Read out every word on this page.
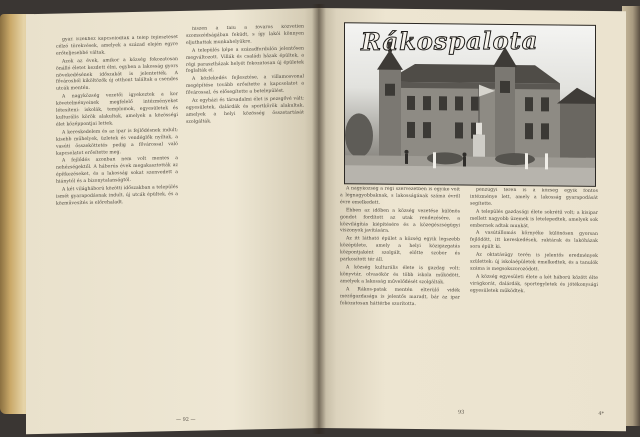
gyár. Ezekhez kapcsolódtak a telep fejlesztését célzó törekvések, amelyek a század elején egyre erőteljesebbé váltak.

Azok az évek, amikor a község fokozatosan önálló életet kezdett élni, egyben a lakosság gyors növekedésének időszakát is jelentették. A fővárosból kiköltözők új otthont találtak a csendes utcák mentén.

A nagyközség vezetői igyekeztek a kor követelményeinek megfelelő intézményeket létesíteni: iskolák, templomok, egyesületek és kulturális körök alakultak, amelyek a közösségi élet középpontjai lettek.

A kereskedelem és az ipar is fejlődésnek indult; kisebb műhelyek, üzletek és vendéglők nyíltak, a vasúti összeköttetés pedig a fővárossal való kapcsolatot erősítette meg.

A fejlődés azonban nem volt mentes a nehézségektől. A háborús évek megakasztották az építkezéseket, és a lakosság sokat szenvedett a hiánytól és a bizonytalanságtól.

A két világháború közötti időszakban a település ismét gyarapodásnak indult, új utcák épültek, és a közművesítés is előrehaladt.

hiszen a falu a főváros közvetlen szomszédságában feküdt, s így lakói könnyen eljuthattak munkahelyükre.

A település képe a századfordulón jelentősen megváltozott. Villák és családi házak épültek, a régi parasztházak helyét fokozatosan új épületek foglalták el.

A közlekedés fejlesztése, a villamosvonal megépítése tovább erősítette a kapcsolatot a fővárossal, és elősegítette a betelepülést.

Az egyházi és társadalmi élet is pezsgővé vált; egyesületek, dalárdák és sportkörök alakultak, amelyek a helyi közösség összetartását szolgálták.

— 92 —
Rákospalota

A nagyközség a régi szervezetben is egyike volt a legnagyobbaknak, s lakosságának száma évről évre emelkedett.

Ebben az időben a község vezetése különös gondot fordított az utak rendezésére, a közvilágítás kiépítésére és a közegészségügyi viszonyok javítására.

Az itt látható épület a község egyik legszebb középülete, amely a helyi közigazgatás központjaként szolgált, előtte szobor és parkosított tér áll.

A község kulturális élete is gazdag volt: könyvtár, olvasókör és több iskola működött, amelyek a lakosság művelődését szolgálták.

A Rákos-patak mentén elterülő vidék mezőgazdasága is jelentős maradt, bár az ipar fokozatosan háttérbe szorította.

pénzügyi téren is a község egyik fontos intézménye lett, amely a lakosság gyarapodását segítette.

A település gazdasági élete sokrétű volt; a kisipar mellett nagyobb üzemek is letelepedtek, amelyek sok embernek adtak munkát.

A vasútállomás környéke különösen gyorsan fejlődött, itt kereskedések, raktárak és lakóházak sora épült ki.

Az oktatásügy terén is jelentős eredmények születtek: új iskolaépületek emelkedtek, és a tanulók száma is megsokszorozódott.

A község egyesületi élete a két háború között élte virágkorát, dalárdák, sportegyletek és jótékonysági egyesületek működtek.

93	4*
